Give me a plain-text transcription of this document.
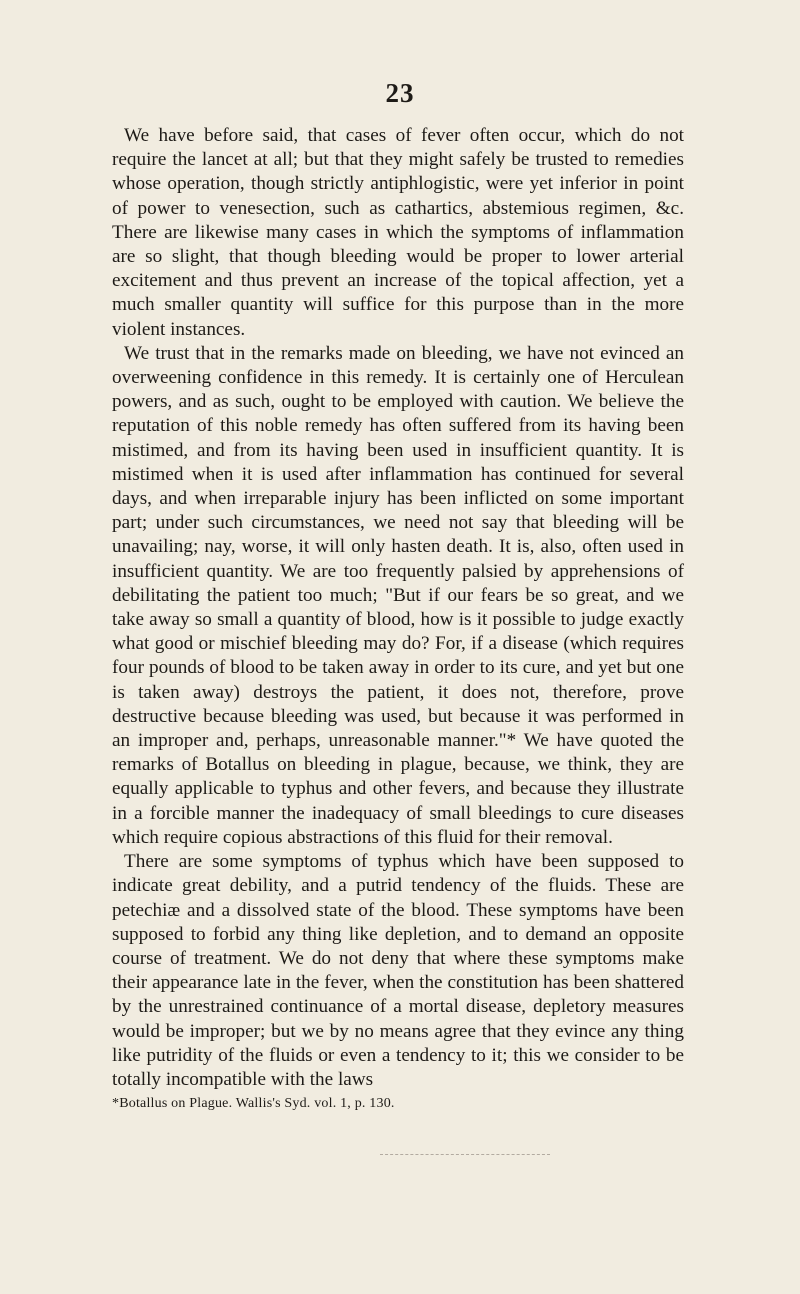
23

We have before said, that cases of fever often occur, which do not require the lancet at all; but that they might safely be trusted to remedies whose operation, though strictly antiphlogistic, were yet inferior in point of power to venesection, such as cathartics, abstemious regimen, &c. There are likewise many cases in which the symptoms of inflammation are so slight, that though bleeding would be proper to lower arterial excitement and thus prevent an increase of the topical affection, yet a much smaller quantity will suffice for this purpose than in the more violent instances.

We trust that in the remarks made on bleeding, we have not evinced an overweening confidence in this remedy. It is certainly one of Herculean powers, and as such, ought to be employed with caution. We believe the reputation of this noble remedy has often suffered from its having been mistimed, and from its having been used in insufficient quantity. It is mistimed when it is used after inflammation has continued for several days, and when irreparable injury has been inflicted on some important part; under such circumstances, we need not say that bleeding will be unavailing; nay, worse, it will only hasten death. It is, also, often used in insufficient quantity. We are too frequently palsied by apprehensions of debilitating the patient too much; "But if our fears be so great, and we take away so small a quantity of blood, how is it possible to judge exactly what good or mischief bleeding may do? For, if a disease (which requires four pounds of blood to be taken away in order to its cure, and yet but one is taken away) destroys the patient, it does not, therefore, prove destructive because bleeding was used, but because it was performed in an improper and, perhaps, unreasonable manner."* We have quoted the remarks of Botallus on bleeding in plague, because, we think, they are equally applicable to typhus and other fevers, and because they illustrate in a forcible manner the inadequacy of small bleedings to cure diseases which require copious abstractions of this fluid for their removal.

There are some symptoms of typhus which have been supposed to indicate great debility, and a putrid tendency of the fluids. These are petechiæ and a dissolved state of the blood. These symptoms have been supposed to forbid any thing like depletion, and to demand an opposite course of treatment. We do not deny that where these symptoms make their appearance late in the fever, when the constitution has been shattered by the unrestrained continuance of a mortal disease, depletory measures would be improper; but we by no means agree that they evince any thing like putridity of the fluids or even a tendency to it; this we consider to be totally incompatible with the laws

*Botallus on Plague. Wallis's Syd. vol. 1, p. 130.
